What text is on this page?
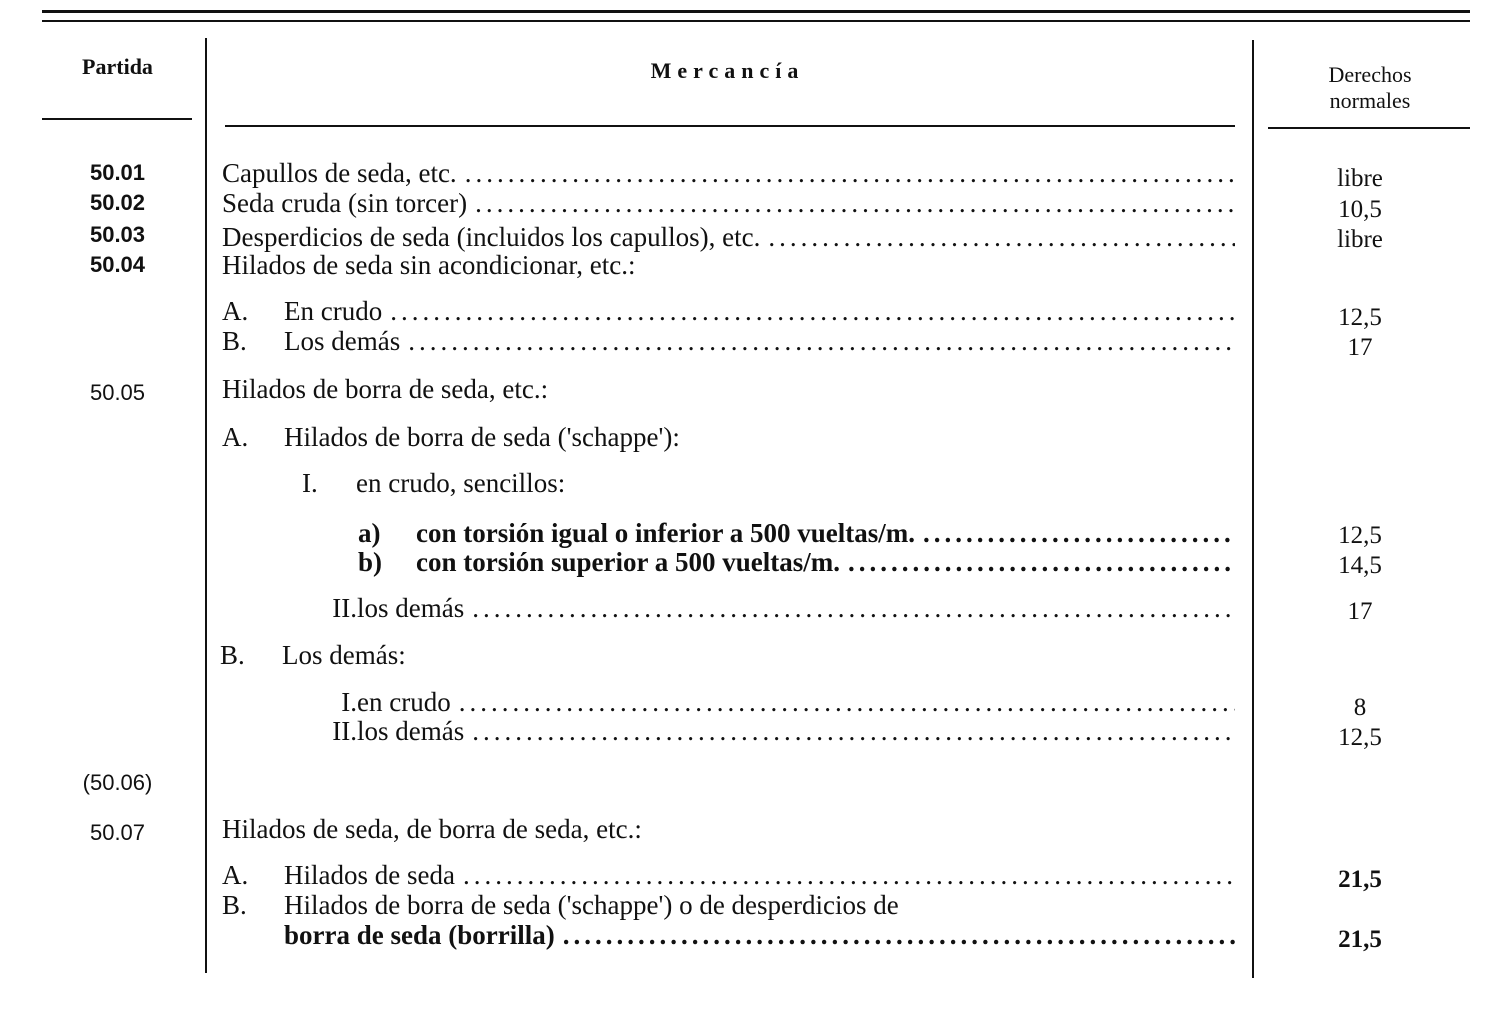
Partida	Mercancía	Derechos normales
50.01
50.02
50.03
50.04
50.05
(50.06)
50.07
Capullos de seda, etc.
.....
Seda cruda (sin torcer)
.....
Desperdicios de seda (incluidos los capullos), etc.
.....
Hilados de seda sin acondicionar, etc.:
A. En crudo
.....
B. Los demás
.....
Hilados de borra de seda, etc.:
A. Hilados de borra de seda ('schappe'):
I. en crudo, sencillos:
a) con torsión igual o inferior a 500 vueltas/m.
.....
b) con torsión superior a 500 vueltas/m.
.....
II.los demás
.....
B. Los demás:
I.en crudo
.....
II.los demás
.....
Hilados de seda, de borra de seda, etc.:
A. Hilados de seda
.....
B. Hilados de borra de seda ('schappe') o de desperdicios de
borra de seda (borrilla)
.....
libre
10,5
libre
12,5
17
12,5
14,5
17
8
12,5
21,5
21,5
